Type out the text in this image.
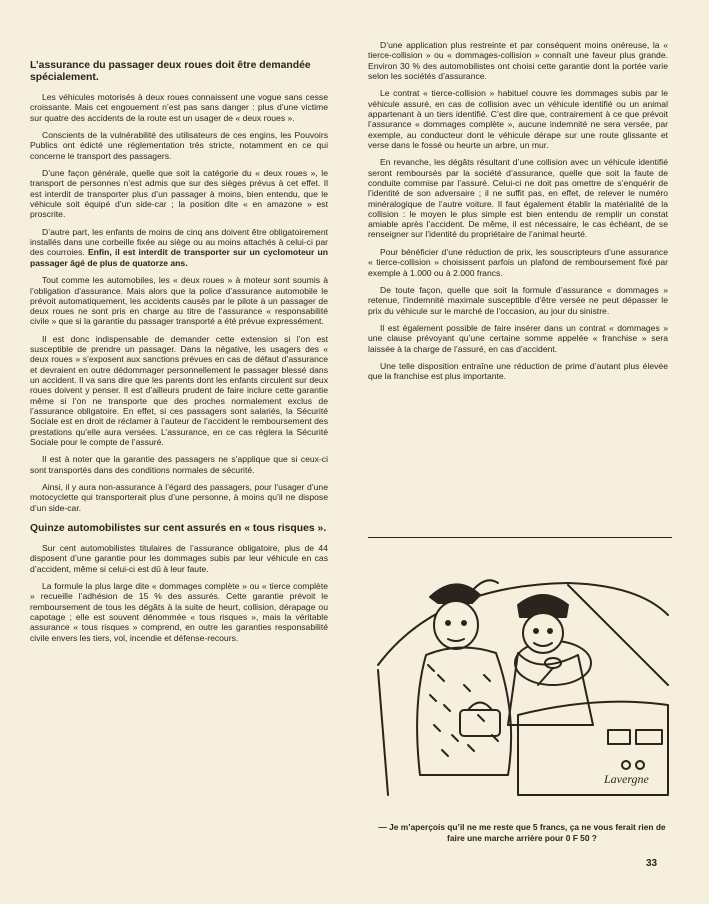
L’assurance du passager deux roues doit être demandée spécialement.

Les véhicules motorisés à deux roues connaissent une vogue sans cesse croissante. Mais cet engouement n’est pas sans danger : plus d’une victime sur quatre des accidents de la route est un usager de « deux roues ».

Conscients de la vulnérabilité des utilisateurs de ces engins, les Pouvoirs Publics ont édicté une réglementation très stricte, notamment en ce qui concerne le transport des passagers.

D’une façon générale, quelle que soit la catégorie du « deux roues », le transport de personnes n’est admis que sur des sièges prévus à cet effet. Il est interdit de transporter plus d’un passager à moins, bien entendu, que le véhicule soit équipé d’un side-car ; la position dite « en amazone » est proscrite.

D’autre part, les enfants de moins de cinq ans doivent être obligatoirement installés dans une corbeille fixée au siège ou au moins attachés à celui-ci par des courroies. Enfin, il est interdit de transporter sur un cyclomoteur un passager âgé de plus de quatorze ans.

Tout comme les automobiles, les « deux roues » à moteur sont soumis à l’obligation d’assurance. Mais alors que la police d’assurance automobile le prévoit automatiquement, les accidents causés par le pilote à un passager de deux roues ne sont pris en charge au titre de l’assurance « responsabilité civile » que si la garantie du passager transporté a été prévue expressément.

Il est donc indispensable de demander cette extension si l’on est susceptible de prendre un passager. Dans la négative, les usagers des « deux roues » s’exposent aux sanctions prévues en cas de défaut d’assurance et devraient en outre dédommager personnellement le passager blessé dans un accident. Il va sans dire que les parents dont les enfants circulent sur deux roues doivent y penser. Il est d’ailleurs prudent de faire inclure cette garantie même si l’on ne transporte que des proches normalement exclus de l’assurance obligatoire. En effet, si ces passagers sont salariés, la Sécurité Sociale est en droit de réclamer à l’auteur de l’accident le remboursement des prestations qu’elle aura versées. L’assurance, en ce cas réglera la Sécurité Sociale pour le compte de l’assuré.

Il est à noter que la garantie des passagers ne s’applique que si ceux-ci sont transportés dans des conditions normales de sécurité.

Ainsi, il y aura non-assurance à l’égard des passagers, pour l’usager d’une motocyclette qui transporterait plus d’une personne, à moins qu’il ne dispose d’un side-car.

Quinze automobilistes sur cent assurés en « tous risques ».

Sur cent automobilistes titulaires de l’assurance obligatoire, plus de 44 disposent d’une garantie pour les dommages subis par leur véhicule en cas d’accident, même si celui-ci est dû à leur faute.

La formule la plus large dite « dommages complète » ou « tierce complète » recueille l’adhésion de 15 % des assurés. Cette garantie prévoit le remboursement de tous les dégâts à la suite de heurt, collision, dérapage ou capotage ; elle est souvent dénommée « tous risques », mais la véritable assurance « tous risques » comprend, en outre les garanties responsabilité civile envers les tiers, vol, incendie et défense-recours.

D’une application plus restreinte et par conséquent moins onéreuse, la « tierce-collision » ou « dommages-collision » connaît une faveur plus grande. Environ 30 % des automobilistes ont choisi cette garantie dont la portée varie selon les sociétés d’assurance.

Le contrat « tierce-collision » habituel couvre les dommages subis par le véhicule assuré, en cas de collision avec un véhicule identifié ou un animal appartenant à un tiers identifié. C’est dire que, contrairement à ce que prévoit l’assurance « dommages complète », aucune indemnité ne sera versée, par exemple, au conducteur dont le véhicule dérape sur une route glissante et verse dans le fossé ou heurte un arbre, un mur.

En revanche, les dégâts résultant d’une collision avec un véhicule identifié seront remboursés par la société d’assurance, quelle que soit la faute de conduite commise par l’assuré. Celui-ci ne doit pas omettre de s’enquérir de l’identité de son adversaire ; il ne suffit pas, en effet, de relever le numéro minéralogique de l’autre voiture. Il faut également établir la matérialité de la collision : le moyen le plus simple est bien entendu de remplir un constat amiable après l’accident. De même, il est nécessaire, le cas échéant, de se renseigner sur l’identité du propriétaire de l’animal heurté.

Pour bénéficier d’une réduction de prix, les souscripteurs d’une assurance « tierce-collision » choisissent parfois un plafond de remboursement fixé par exemple à 1.000 ou à 2.000 francs.

De toute façon, quelle que soit la formule d’assurance « dommages » retenue, l’indemnité maximale susceptible d’être versée ne peut dépasser le prix du véhicule sur le marché de l’occasion, au jour du sinistre.

Il est également possible de faire insérer dans un contrat « dommages » une clause prévoyant qu’une certaine somme appelée « franchise » sera laissée à la charge de l’assuré, en cas d’accident.

Une telle disposition entraîne une réduction de prime d’autant plus élevée que la franchise est plus importante.

Lavergne
— Je m’aperçois qu’il ne me reste que 5 francs, ça ne vous ferait rien de faire une marche arrière pour 0 F 50 ?
33
